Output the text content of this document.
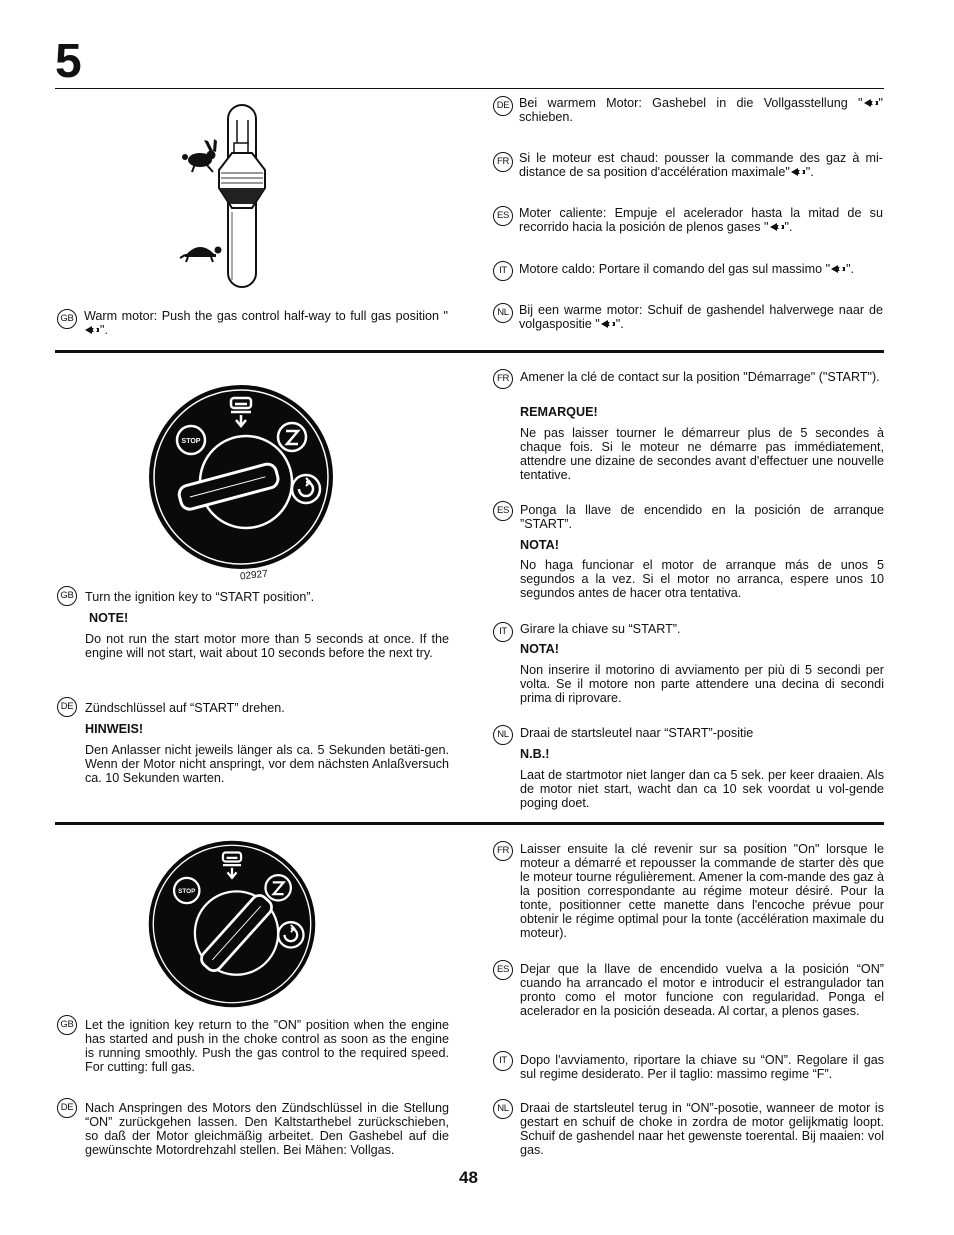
5
GB Warm motor: Push the gas control half-way to full gas position "".
DE Bei warmem Motor: Gashebel in die Vollgasstellung " " schieben.
FR Si le moteur est chaud: pousser la commande des gaz à mi-distance de sa position d'accélération maximale" ".
ES Moter caliente: Empuje el acelerador hasta la mitad de su recorrido hacia la posición de plenos gases " ".
IT Motore caldo: Portare il comando del gas sul massimo " ".
NL Bij een warme motor: Schuif de gashendel halverwege naar de volgaspositie " ".
STOP
02927
GB Turn the ignition key to “START position”.
NOTE!
Do not run the start motor more than 5 seconds at once. If the engine will not start, wait about 10 seconds before the next try.
DE Zündschlüssel auf “START” drehen.
HINWEIS!
Den Anlasser nicht jeweils länger als ca. 5 Sekunden betäti-gen. Wenn der Motor nicht anspringt, vor dem nächsten Anlaßversuch ca. 10 Sekunden warten.
FR Amener la clé de contact sur la position "Démarrage" ("START").
REMARQUE!
Ne pas laisser tourner le démarreur plus de 5 secondes à chaque fois. Si le moteur ne démarre pas immédiatement, attendre une dizaine de secondes avant d'effectuer une nouvelle tentative.
ES Ponga la llave de encendido en la posición de arranque ”START”.
NOTA!
No haga funcionar el motor de arranque más de unos 5 segundos a la vez. Si el motor no arranca, espere unos 10 segundos antes de hacer otra tentativa.
IT	Girare la chiave su “START”.
NOTA!
Non inserire il motorino di avviamento per più di 5 secondi per volta. Se il motore non parte attendere una decina di secondi prima di riprovare.
NL Draai de startsleutel naar “START”-positie
N.B.!
Laat de startmotor niet langer dan ca 5 sek. per keer draaien. Als de motor niet start, wacht dan ca 10 sek voordat u vol-gende poging doet.
STOP
GB Let the ignition key return to the ”ON” position when the engine has started and push in the choke control as soon as the engine is running smoothly. Push the gas control to the required speed. For cutting: full gas.
DE Nach Anspringen des Motors den Zündschlüssel in die Stellung “ON” zurückgehen lassen. Den Kaltstarthebel zurückschieben, so daß der Motor gleichmäßig arbeitet. Den Gashebel auf die gewünschte Motordrehzahl stellen. Bei Mähen: Vollgas.
FR Laisser ensuite la clé revenir sur sa position "On" lorsque le moteur a démarré et repousser la commande de starter dès que le moteur tourne régulièrement. Amener la com-mande des gaz à la position correspondante au régime moteur désiré. Pour la tonte, positionner cette manette dans l'encoche prévue pour obtenir le régime optimal pour la tonte (accélération maximale du moteur).
ES Dejar que la llave de encendido vuelva a la posición “ON” cuando ha arrancado el motor e introducir el estrangulador tan pronto como el motor funcione con regularidad. Ponga el acelerador en la posición deseada. Al cortar, a plenos gases.
IT	Dopo l'avviamento, riportare la chiave su “ON”. Regolare il gas sul regime desiderato. Per il taglio: massimo regime “F”.
NL Draai de startsleutel terug in “ON”-posotie, wanneer de motor is gestart en schuif de choke in zordra de motor gelijkmatig loopt. Schuif de gashendel naar het gewenste toerental. Bij maaien: vol gas.
48
